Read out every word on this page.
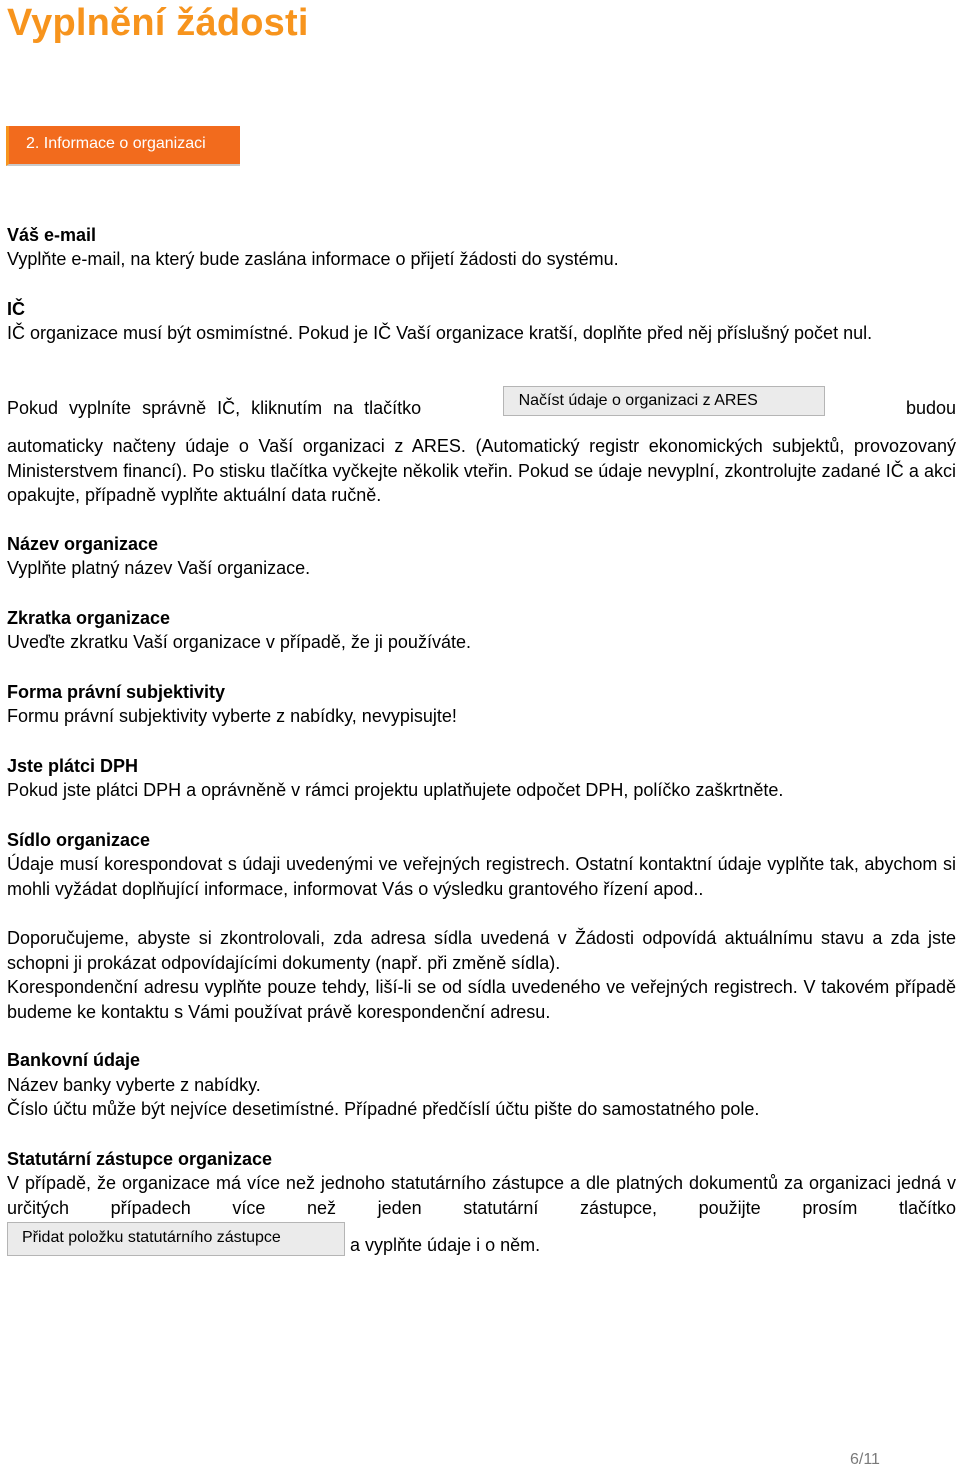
Vyplnění žádosti
2. Informace o organizaci
Váš e-mail
Vyplňte e-mail, na který bude zaslána informace o přijetí žádosti do systému.
IČ
IČ organizace musí být osmimístné. Pokud je IČ Vaší organizace kratší, doplňte před něj příslušný počet nul.
Pokud vyplníte správně IČ, kliknutím na tlačítko	Načíst údaje o organizaci z ARES	budou
automaticky načteny údaje o Vaší organizaci z ARES. (Automatický registr ekonomických subjektů, provozovaný Ministerstvem financí). Po stisku tlačítka vyčkejte několik vteřin. Pokud se údaje nevyplní, zkontrolujte zadané IČ a akci opakujte, případně vyplňte aktuální data ručně.
Název organizace
Vyplňte platný název Vaší organizace.
Zkratka organizace
Uveďte zkratku Vaší organizace v případě, že ji používáte.
Forma právní subjektivity
Formu právní subjektivity vyberte z nabídky, nevypisujte!
Jste plátci DPH
Pokud jste plátci DPH a oprávněně v rámci projektu uplatňujete odpočet DPH, políčko zaškrtněte.
Sídlo organizace
Údaje musí korespondovat s údaji uvedenými ve veřejných registrech. Ostatní kontaktní údaje vyplňte tak, abychom si mohli vyžádat doplňující informace, informovat Vás o výsledku grantového řízení apod..
Doporučujeme, abyste si zkontrolovali, zda adresa sídla uvedená v Žádosti odpovídá aktuálnímu stavu a zda jste schopni ji prokázat odpovídajícími dokumenty (např. při změně sídla).
Korespondenční adresu vyplňte pouze tehdy, liší-li se od sídla uvedeného ve veřejných registrech. V takovém případě budeme ke kontaktu s Vámi používat právě korespondenční adresu.
Bankovní údaje
Název banky vyberte z nabídky.
Číslo účtu může být nejvíce desetimístné. Případné předčíslí účtu pište do samostatného pole.
Statutární zástupce organizace
V případě, že organizace má více než jednoho statutárního zástupce a dle platných dokumentů za organizaci jedná v určitých případech více než jeden statutární zástupce, použijte prosím tlačítko
Přidat položku statutárního zástupce	a vyplňte údaje i o něm.
6/11
